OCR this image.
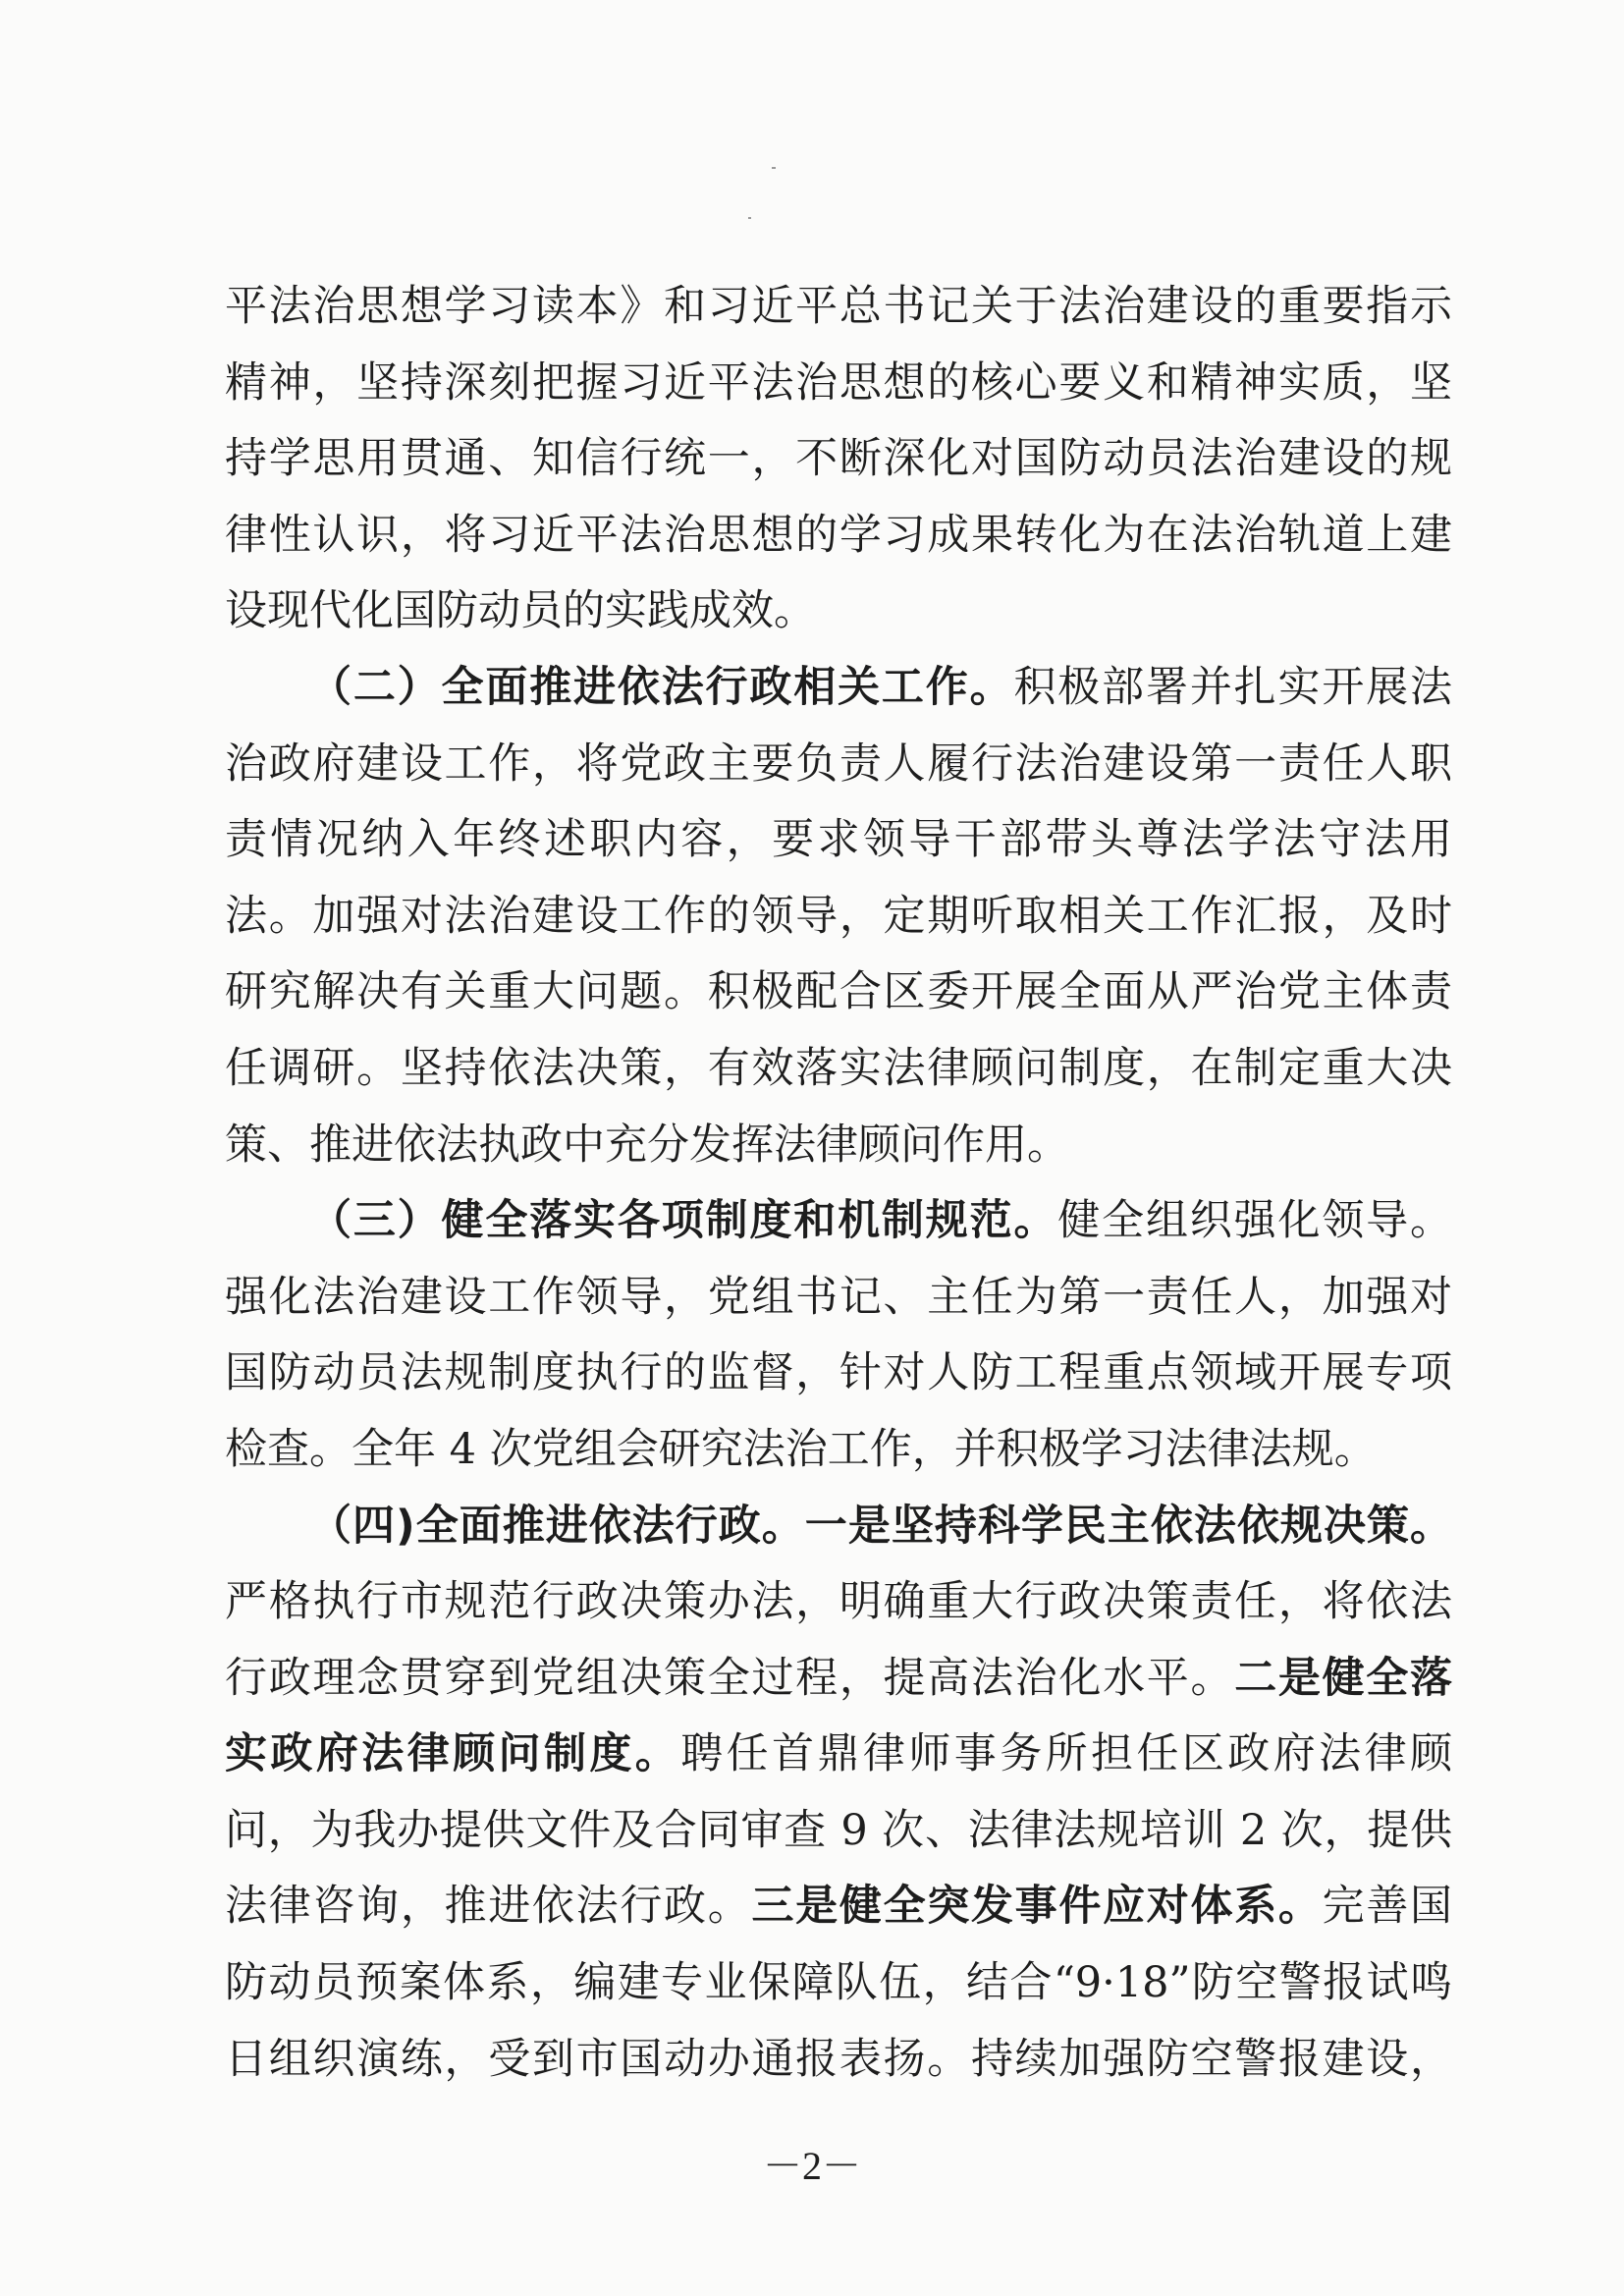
平法治思想学习读本》和习近平总书记关于法治建设的重要指示
精神，坚持深刻把握习近平法治思想的核心要义和精神实质，坚
持学思用贯通、知信行统一，不断深化对国防动员法治建设的规
律性认识，将习近平法治思想的学习成果转化为在法治轨道上建
设现代化国防动员的实践成效。
（二）全面推进依法行政相关工作。积极部署并扎实开展法
治政府建设工作，将党政主要负责人履行法治建设第一责任人职
责情况纳入年终述职内容，要求领导干部带头尊法学法守法用
法。加强对法治建设工作的领导，定期听取相关工作汇报，及时
研究解决有关重大问题。积极配合区委开展全面从严治党主体责
任调研。坚持依法决策，有效落实法律顾问制度，在制定重大决
策、推进依法执政中充分发挥法律顾问作用。
（三）健全落实各项制度和机制规范。健全组织强化领导。
强化法治建设工作领导，党组书记、主任为第一责任人，加强对
国防动员法规制度执行的监督，针对人防工程重点领域开展专项
检查。全年 4 次党组会研究法治工作，并积极学习法律法规。
（四)全面推进依法行政。一是坚持科学民主依法依规决策。
严格执行市规范行政决策办法，明确重大行政决策责任，将依法
行政理念贯穿到党组决策全过程，提高法治化水平。二是健全落
实政府法律顾问制度。聘任首鼎律师事务所担任区政府法律顾
问，为我办提供文件及合同审查 9 次、法律法规培训 2 次，提供
法律咨询，推进依法行政。三是健全突发事件应对体系。完善国
防动员预案体系，编建专业保障队伍，结合“9·18”防空警报试鸣
日组织演练，受到市国动办通报表扬。持续加强防空警报建设，
－2－
